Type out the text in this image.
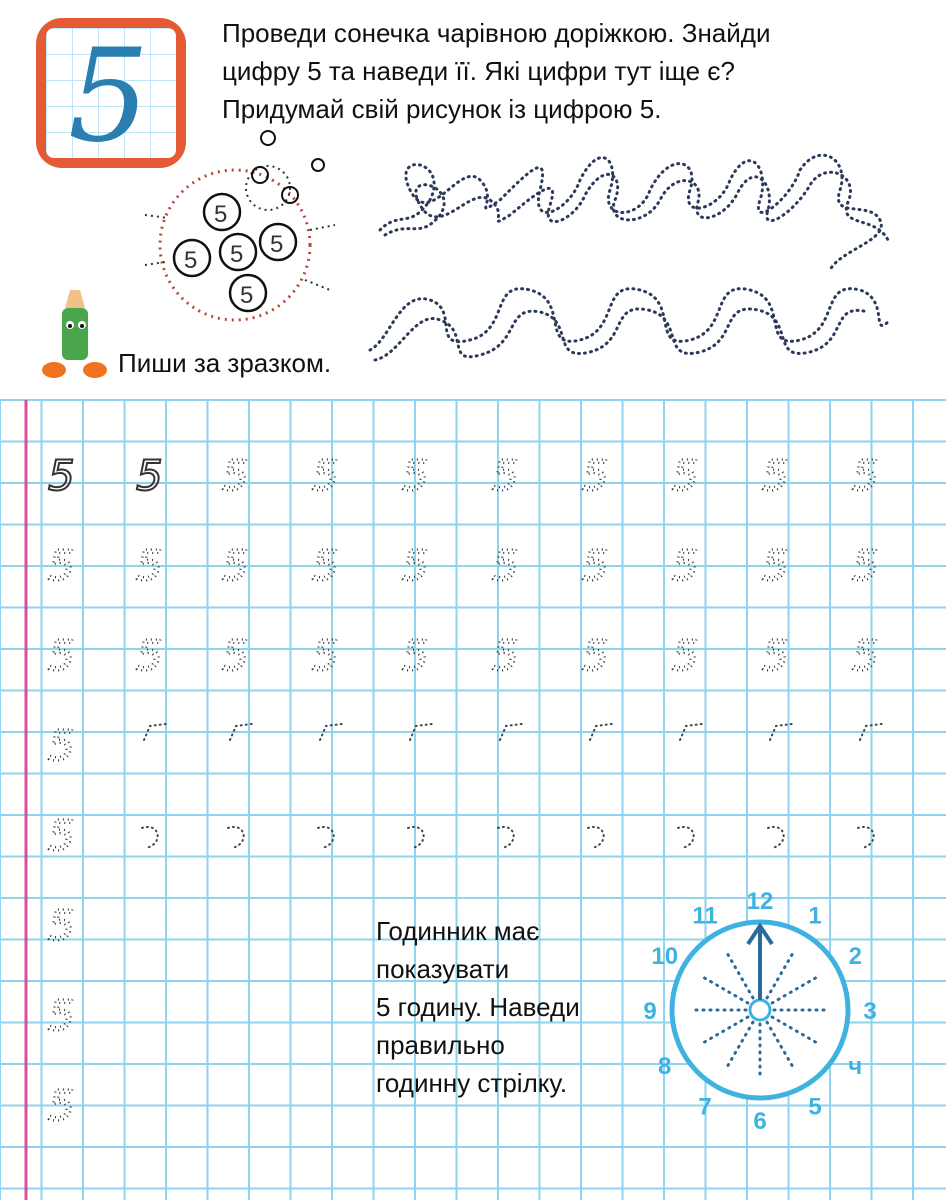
5	Проведи сонечка чарівною доріжкою. Знайди
цифру 5 та наведи її. Які цифри тут іще є?
Придумай свій рисунок із цифрою 5.
5
5 5 5
5
Пиши за зразком.
5 5 5 5 5 5 5 5 5 5
5 5 5 5 5 5 5 5 5 5
5 5 5 5 5 5 5 5 5 5
5
5
5
5
5
Годинник має
показувати
5 годину. Наведи
правильно
годинну стрілку.
12
1
2
3
ч
5
6
7
8
9
10
11
